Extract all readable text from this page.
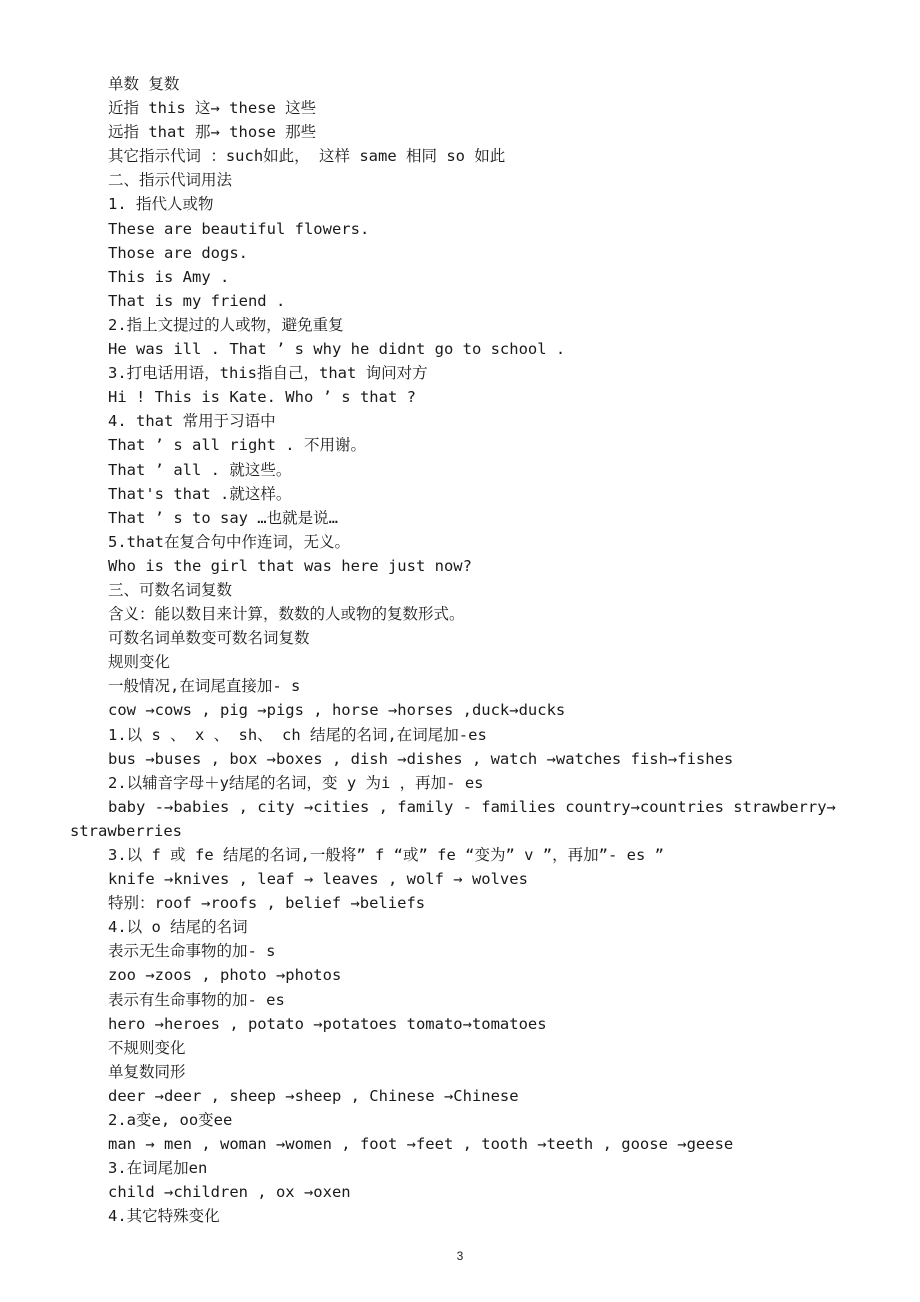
单数 复数
近指 this 这→ these 这些
远指 that 那→ those 那些
其它指示代词 ：such如此， 这样 same 相同 so 如此
二、指示代词用法
1. 指代人或物
These are beautiful flowers.
Those are dogs.
This is Amy .
That is my friend .
2.指上文提过的人或物，避免重复
He was ill . That ’ s why he didnt go to school .
3.打电话用语，this指自己，that 询问对方
Hi ! This is Kate. Who ’ s that ?
4. that 常用于习语中
That ’ s all right . 不用谢。
That ’ all . 就这些。
That's that .就这样。
That ’ s to say …也就是说…
5.that在复合句中作连词，无义。
Who is the girl that was here just now?
三、可数名词复数
含义：能以数目来计算，数数的人或物的复数形式。
可数名词单数变可数名词复数
规则变化
一般情况,在词尾直接加- s
cow →cows , pig →pigs , horse →horses ,duck→ducks
1.以 s 、 x 、 sh、 ch 结尾的名词,在词尾加-es
bus →buses , box →boxes , dish →dishes , watch →watches fish→fishes
2.以辅音字母＋y结尾的名词，变 y 为i ，再加- es
baby -→babies , city →cities , family - families country→countries strawberry→
strawberries
3.以 f 或 fe 结尾的名词,一般将” f “或” fe “变为” v ”，再加”- es ”
knife →knives , leaf → leaves , wolf → wolves
特别：roof →roofs , belief →beliefs
4.以 o 结尾的名词
表示无生命事物的加- s
zoo →zoos , photo →photos
表示有生命事物的加- es
hero →heroes , potato →potatoes tomato→tomatoes
不规则变化
单复数同形
deer →deer , sheep →sheep , Chinese →Chinese
2.a变e, oo变ee
man → men , woman →women , foot →feet , tooth →teeth , goose →geese
3.在词尾加en
child →children , ox →oxen
4.其它特殊变化
3
